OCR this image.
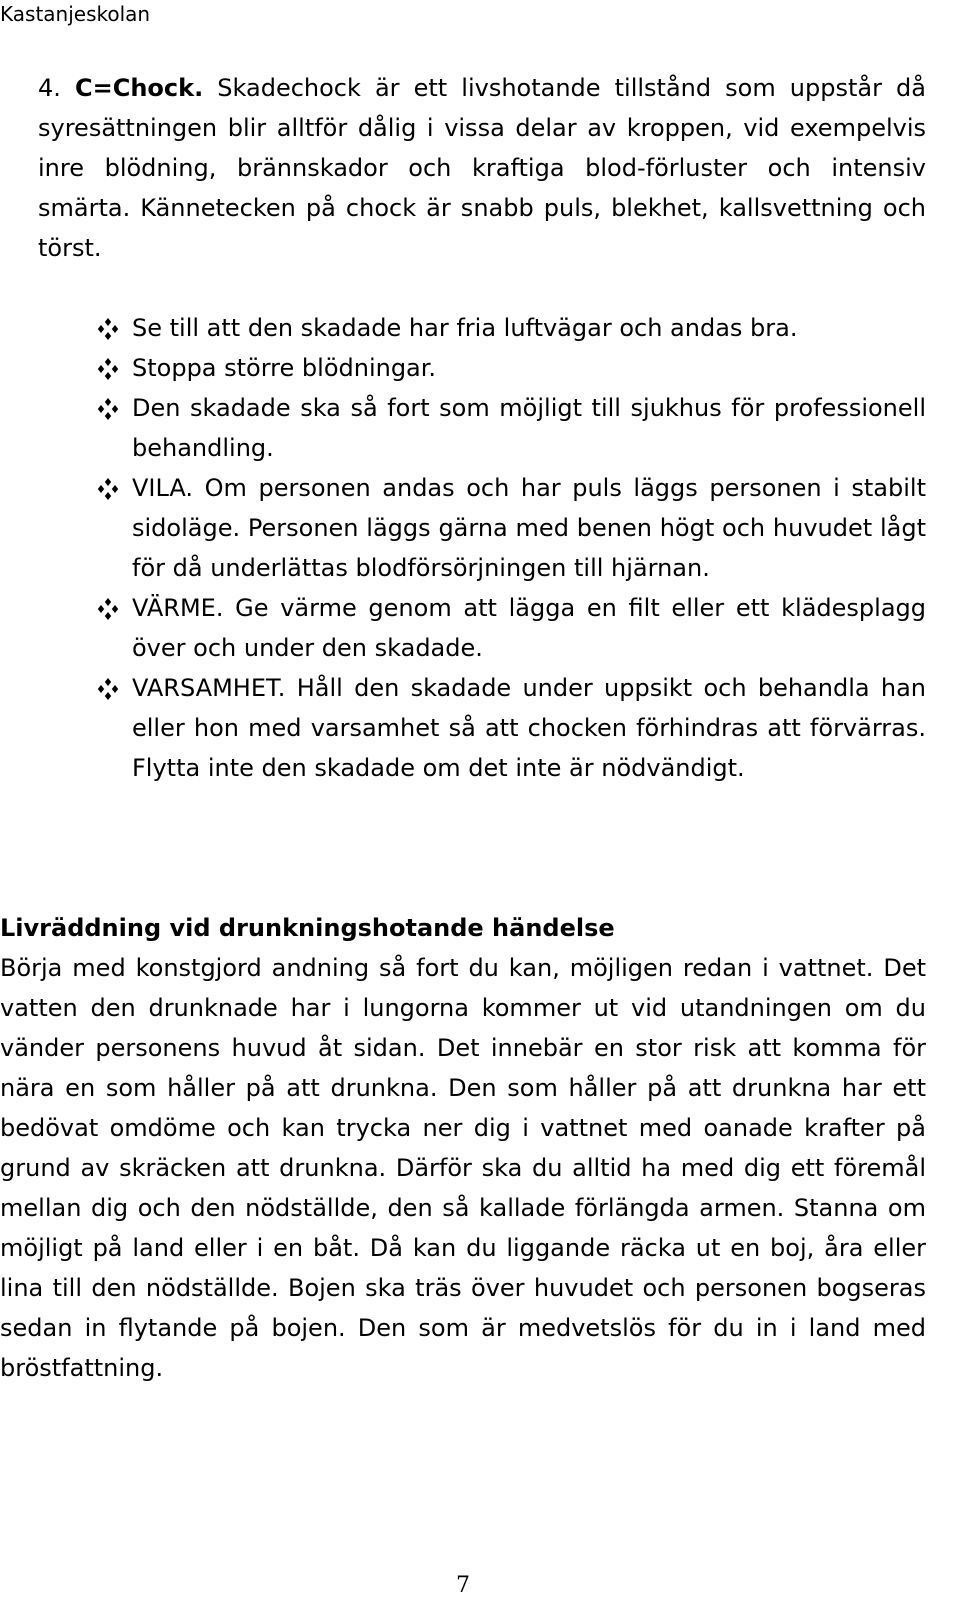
Kastanjeskolan
4. C=Chock. Skadechock är ett livshotande tillstånd som uppstår då syresättningen blir alltför dålig i vissa delar av kroppen, vid exempelvis inre blödning, brännskador och kraftiga blod-förluster och intensiv smärta. Kännetecken på chock är snabb puls, blekhet, kallsvettning och törst.
Se till att den skadade har fria luftvägar och andas bra.
Stoppa större blödningar.
Den skadade ska så fort som möjligt till sjukhus för professionell behandling.
VILA. Om personen andas och har puls läggs personen i stabilt sidoläge. Personen läggs gärna med benen högt och huvudet lågt för då underlättas blodförsörjningen till hjärnan.
VÄRME. Ge värme genom att lägga en filt eller ett klädesplagg över och under den skadade.
VARSAMHET. Håll den skadade under uppsikt och behandla han eller hon med varsamhet så att chocken förhindras att förvärras. Flytta inte den skadade om det inte är nödvändigt.
Livräddning vid drunkningshotande händelse
Börja med konstgjord andning så fort du kan, möjligen redan i vattnet. Det vatten den drunknade har i lungorna kommer ut vid utandningen om du vänder personens huvud åt sidan. Det innebär en stor risk att komma för nära en som håller på att drunkna. Den som håller på att drunkna har ett bedövat omdöme och kan trycka ner dig i vattnet med oanade krafter på grund av skräcken att drunkna. Därför ska du alltid ha med dig ett föremål mellan dig och den nödställde, den så kallade förlängda armen. Stanna om möjligt på land eller i en båt. Då kan du liggande räcka ut en boj, åra eller lina till den nödställde. Bojen ska träs över huvudet och personen bogseras sedan in flytande på bojen. Den som är medvetslös för du in i land med bröstfattning.
7
